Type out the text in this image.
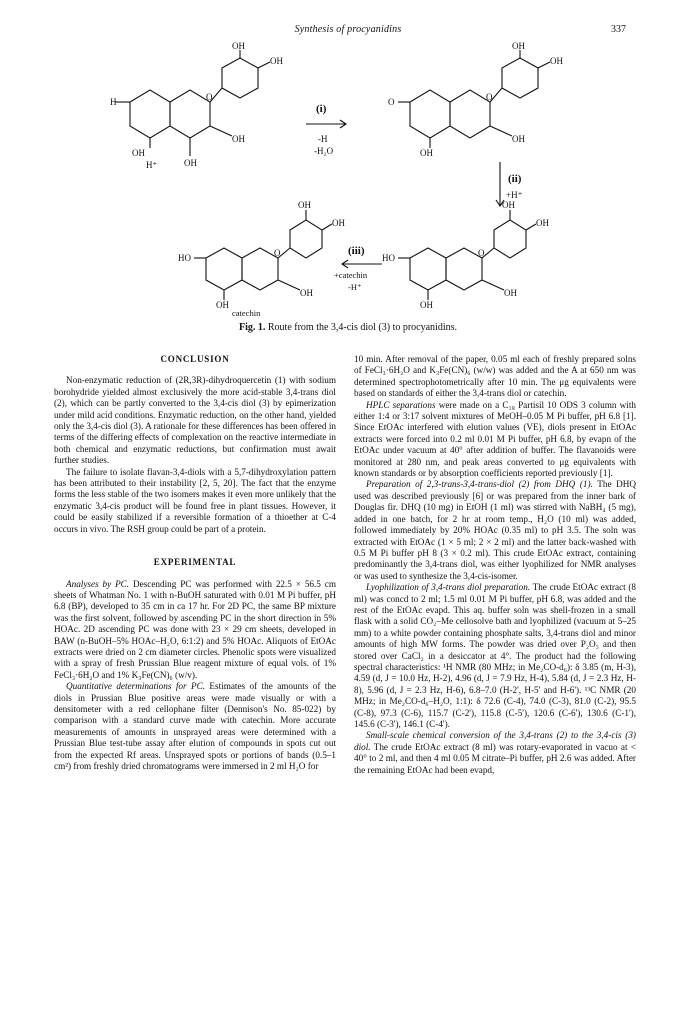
Synthesis of procyanidins	337
(i)
-H
-H₂O
(ii)
+H⁺
(iii)
+catechin
-H⁺
catechin
H
OH
H⁺	OH
OH
OH
OH
O	O
OH
OH
OH
OH
O
HO
OH
OH
OH
OH
O	HO
OH
OH
OH
OH
O
Fig. 1. Route from the 3,4-cis diol (3) to procyanidins.
CONCLUSION

Non-enzymatic reduction of (2R,3R)-dihydroquercetin (1) with sodium borohydride yielded almost exclusively the more acid-stable 3,4-trans diol (2), which can be partly converted to the 3,4-cis diol (3) by epimerization under mild acid conditions. Enzymatic reduction, on the other hand, yielded only the 3,4-cis diol (3). A rationale for these differences has been offered in terms of the differing effects of complexation on the reactive intermediate in both chemical and enzymatic reductions, but confirmation must await further studies.

The failure to isolate flavan-3,4-diols with a 5,7-dihydroxylation pattern has been attributed to their instability [2, 5, 20]. The fact that the enzyme forms the less stable of the two isomers makes it even more unlikely that the enzymatic 3,4-cis product will be found free in plant tissues. However, it could be easily stabilized if a reversible formation of a thioether at C-4 occurs in vivo. The RSH group could be part of a protein.

EXPERIMENTAL

Analyses by PC. Descending PC was performed with 22.5 × 56.5 cm sheets of Whatman No. 1 with n-BuOH saturated with 0.01 M Pi buffer, pH 6.8 (BP), developed to 35 cm in ca 17 hr. For 2D PC, the same BP mixture was the first solvent, followed by ascending PC in the short direction in 5% HOAc. 2D ascending PC was done with 23 × 29 cm sheets, developed in BAW (n-BuOH–5% HOAc–H₂O, 6:1:2) and 5% HOAc. Aliquots of EtOAc extracts were dried on 2 cm diameter circles. Phenolic spots were visualized with a spray of fresh Prussian Blue reagent mixture of equal vols. of 1% FeCl₃·6H₂O and 1% K₃Fe(CN)₆ (w/v).

Quantitative determinations for PC. Estimates of the amounts of the diols in Prussian Blue positive areas were made visually or with a densitometer with a red cellophane filter (Dennison's No. 85-022) by comparison with a standard curve made with catechin. More accurate measurements of amounts in unsprayed areas were determined with a Prussian Blue test-tube assay after elution of compounds in spots cut out from the expected Rf areas. Unsprayed spots or portions of bands (0.5–1 cm²) from freshly dried chromatograms were immersed in 2 ml H₂O for

10 min. After removal of the paper, 0.05 ml each of freshly prepared solns of FeCl₃·6H₂O and K₃Fe(CN)₆ (w/w) was added and the A at 650 nm was determined spectrophotometrically after 10 min. The μg equivalents were based on standards of either the 3,4-trans diol or catechin.

HPLC separations were made on a C₁₈ Partisil 10 ODS 3 column with either 1:4 or 3:17 solvent mixtures of MeOH–0.05 M Pi buffer, pH 6.8 [1]. Since EtOAc interfered with elution values (VE), diols present in EtOAc extracts were forced into 0.2 ml 0.01 M Pi buffer, pH 6.8, by evapn of the EtOAc under vacuum at 40° after addition of buffer. The flavanoids were monitored at 280 nm, and peak areas converted to μg equivalents with known standards or by absorption coefficients reported previously [1].

Preparation of 2,3-trans-3,4-trans-diol (2) from DHQ (1). The DHQ used was described previously [6] or was prepared from the inner bark of Douglas fir. DHQ (10 mg) in EtOH (1 ml) was stirred with NaBH₄ (5 mg), added in one batch, for 2 hr at room temp., H₂O (10 ml) was added, followed immediately by 20% HOAc (0.35 ml) to pH 3.5. The soln was extracted with EtOAc (1 × 5 ml; 2 × 2 ml) and the latter back-washed with 0.5 M Pi buffer pH 8 (3 × 0.2 ml). This crude EtOAc extract, containing predominantly the 3,4-trans diol, was either lyophilized for NMR analyses or was used to synthesize the 3,4-cis-isomer.

Lyophilization of 3,4-trans diol preparation. The crude EtOAc extract (8 ml) was concd to 2 ml; 1.5 ml 0.01 M Pi buffer, pH 6.8, was added and the rest of the EtOAc evapd. This aq. buffer soln was shell-frozen in a small flask with a solid CO₂–Me cellosolve bath and lyophilized (vacuum at 5–25 mm) to a white powder containing phosphate salts, 3,4-trans diol and minor amounts of high MW forms. The powder was dried over P₂O₅ and then stored over CaCl₂ in a desiccator at 4°. The product had the following spectral characteristics: ¹H NMR (80 MHz; in Me₂CO-d₆): δ 3.85 (m, H-3), 4.59 (d, J = 10.0 Hz, H-2), 4.96 (d, J = 7.9 Hz, H-4), 5.84 (d, J = 2.3 Hz, H-8), 5.96 (d, J = 2.3 Hz, H-6), 6.8–7.0 (H-2', H-5' and H-6'). ¹³C NMR (20 MHz; in Me₂CO-d₆–H₂O, 1:1): δ 72.6 (C-4), 74.0 (C-3), 81.0 (C-2), 95.5 (C-8), 97.3 (C-6), 115.7 (C-2'), 115.8 (C-5'), 120.6 (C-6'), 130.6 (C-1'), 145.6 (C-3'), 146.1 (C-4').

Small-scale chemical conversion of the 3,4-trans (2) to the 3,4-cis (3) diol. The crude EtOAc extract (8 ml) was rotary-evaporated in vacuo at < 40° to 2 ml, and then 4 ml 0.05 M citrate–Pi buffer, pH 2.6 was added. After the remaining EtOAc had been evapd,
